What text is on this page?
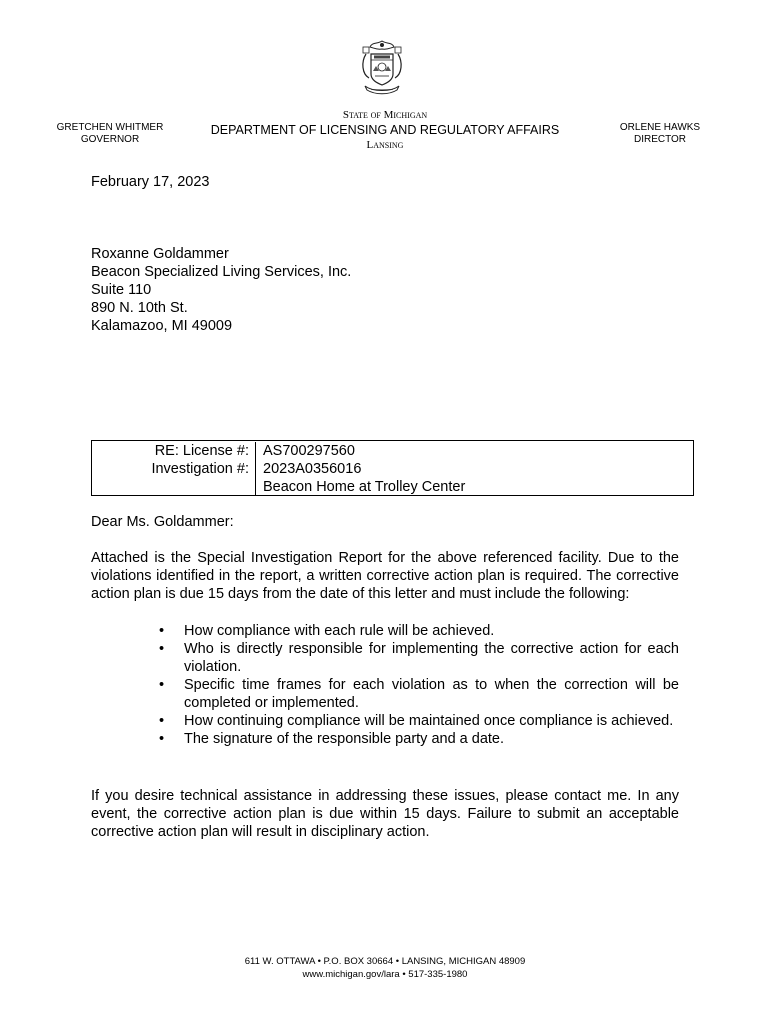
GRETCHEN WHITMER
GOVERNOR
State of Michigan
DEPARTMENT OF LICENSING AND REGULATORY AFFAIRS
Lansing
ORLENE HAWKS
DIRECTOR
February 17, 2023
Roxanne Goldammer
Beacon Specialized Living Services, Inc.
Suite 110
890 N. 10th St.
Kalamazoo, MI 49009
RE: License #:
Investigation #:
AS700297560
2023A0356016
Beacon Home at Trolley Center
Dear Ms. Goldammer:
Attached is the Special Investigation Report for the above referenced facility. Due to the violations identified in the report, a written corrective action plan is required. The corrective action plan is due 15 days from the date of this letter and must include the following:
• How compliance with each rule will be achieved.
• Who is directly responsible for implementing the corrective action for each violation.
• Specific time frames for each violation as to when the correction will be completed or implemented.
• How continuing compliance will be maintained once compliance is achieved.
• The signature of the responsible party and a date.
If you desire technical assistance in addressing these issues, please contact me. In any event, the corrective action plan is due within 15 days. Failure to submit an acceptable corrective action plan will result in disciplinary action.
611 W. OTTAWA • P.O. BOX 30664 • LANSING, MICHIGAN 48909
www.michigan.gov/lara • 517-335-1980
